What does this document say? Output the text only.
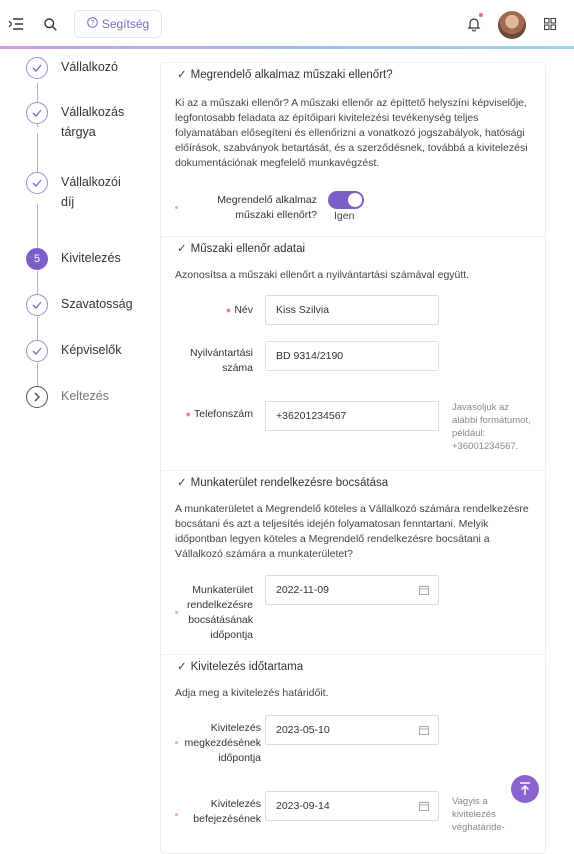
? Segítség
Vállalkozó
Vállalkozás tárgya
Vállalkozói díj
5	Kivitelezés
Szavatosság
Képviselők
Keltezés
✓ Megrendelő alkalmaz műszaki ellenőrt?
Ki az a műszaki ellenőr? A műszaki ellenőr az építtető helyszíni képviselője, legfontosabb feladata az építőipari kivitelezési tevékenység teljes folyamatában elősegíteni és ellenőrizni a vonatkozó jogszabályok, hatósági előírások, szabványok betartását, és a szerződésnek, továbbá a kivitelezési dokumentációnak megfelelő munkavégzést.
Megrendelő alkalmaz műszaki ellenőrt? Igen
✓ Műszaki ellenőr adatai
Azonosítsa a műszaki ellenőrt a nyilvántartási számával együtt.
● Név	Kiss Szilvia
Nyilvántartási száma
BD 9314/2190
● Telefonszám	+36201234567
Javasoljuk az alábbi formátumot, például: +36001234567.
✓ Munkaterület rendelkezésre bocsátása
A munkaterületet a Megrendelő köteles a Vállalkozó számára rendelkezésre bocsátani és azt a teljesítés idején folyamatosan fenntartani. Melyik időpontban legyen köteles a Megrendelő rendelkezésre bocsátani a Vállalkozó számára a munkaterületet?
Munkaterület rendelkezésre bocsátásának időpontja
2022-11-09
✓ Kivitelezés időtartama
Adja meg a kivitelezés határidőit.
Kivitelezés megkezdésének időpontja
2023-05-10
Kivitelezés befejezésének
2023-09-14	Vagyis a kivitelezés véghatáride-
